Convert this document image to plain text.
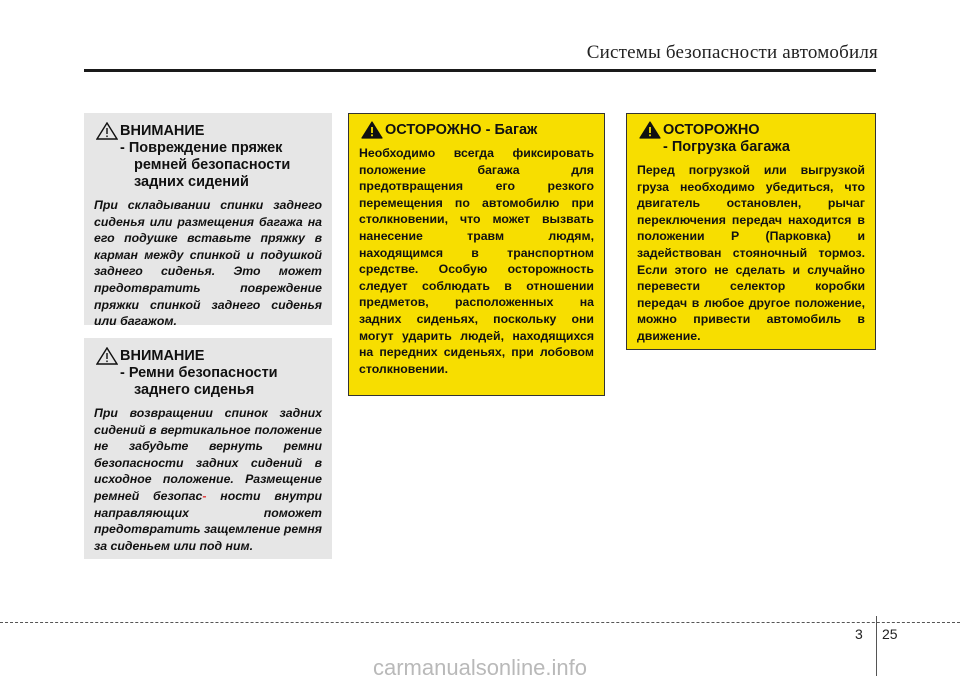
Системы безопасности автомобиля
ВНИМАНИЕ
- Повреждение пряжек
ремней безопасности
задних сидений
При складывании спинки заднего сиденья или размещения багажа на его подушке вставьте пряжку в карман между спинкой и подушкой заднего сиденья. Это может предотвратить повреждение пряжки спинкой заднего сиденья или багажом.
ВНИМАНИЕ
- Ремни безопасности
заднего сиденья
При возвращении спинок задних сидений в вертикальное положение не забудьте вернуть ремни безопасности задних сидений в исходное положение. Размещение ремней безопас- ности внутри направляющих поможет предотвратить защемление ремня за сиденьем или под ним.
ОСТОРОЖНО - Багаж
Необходимо всегда фиксировать положение багажа для предотвращения его резкого перемещения по автомобилю при столкновении, что может вызвать нанесение травм людям, находящимся в транспортном средстве. Особую осторожность следует соблюдать в отношении предметов, расположенных на задних сиденьях, поскольку они могут ударить людей, находящихся на передних сиденьях, при лобовом столкновении.
ОСТОРОЖНО
- Погрузка багажа
Перед погрузкой или выгрузкой груза необходимо убедиться, что двигатель остановлен, рычаг переключения передач находится в положении P (Парковка) и задействован стояночный тормоз. Если этого не сделать и случайно перевести селектор коробки передач в любое другое положение, можно привести автомобиль в движение.
3 25
carmanualsonline.info
